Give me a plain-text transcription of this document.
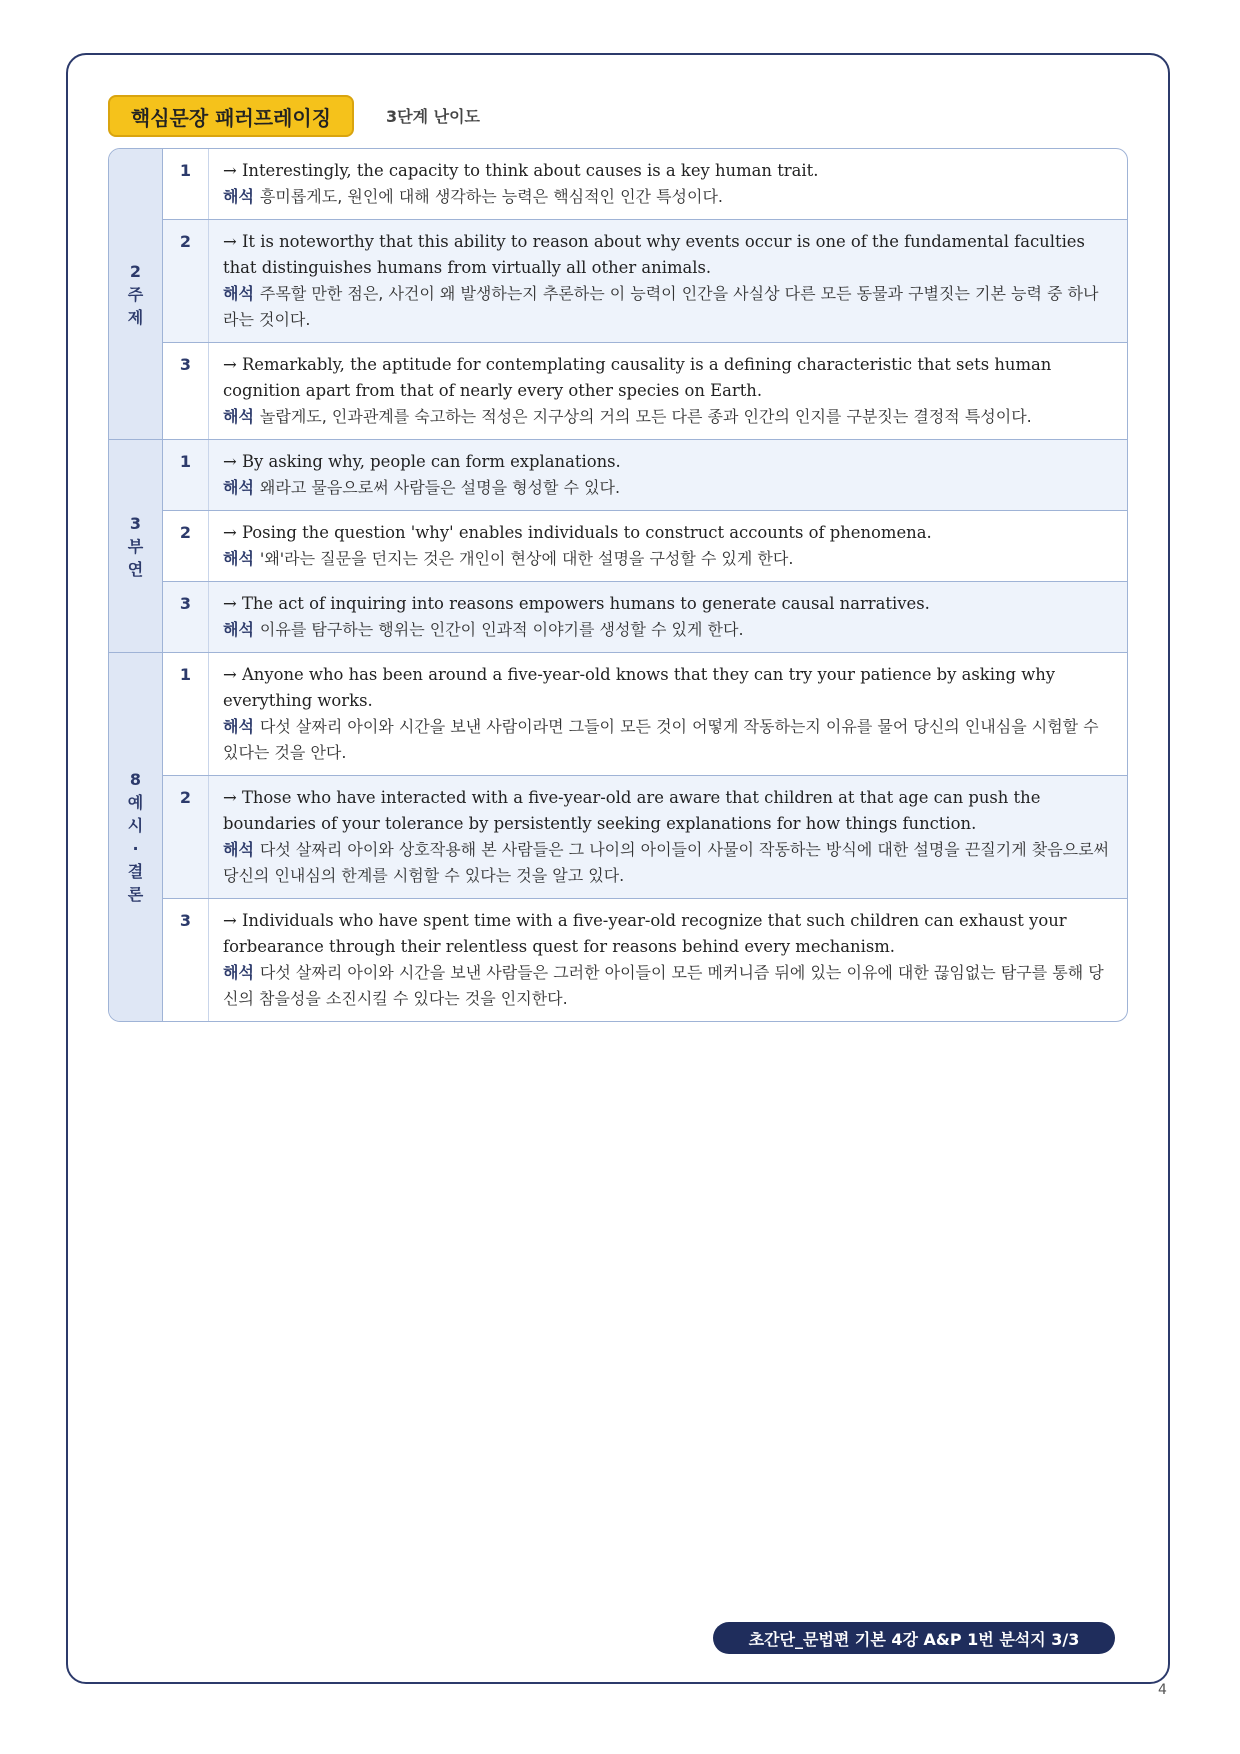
핵심문장 패러프레이징	3단계 난이도
2
주
제
1	→ Interestingly, the capacity to think about causes is a key human trait.
해석 흥미롭게도, 원인에 대해 생각하는 능력은 핵심적인 인간 특성이다.
2	→ It is noteworthy that this ability to reason about why events occur is one of the fundamental faculties that distinguishes humans from virtually all other animals.
해석 주목할 만한 점은, 사건이 왜 발생하는지 추론하는 이 능력이 인간을 사실상 다른 모든 동물과 구별짓는 기본 능력 중 하나라는 것이다.
3	→ Remarkably, the aptitude for contemplating causality is a defining characteristic that sets human cognition apart from that of nearly every other species on Earth.
해석 놀랍게도, 인과관계를 숙고하는 적성은 지구상의 거의 모든 다른 종과 인간의 인지를 구분짓는 결정적 특성이다.
3
부
연
1	→ By asking why, people can form explanations.
해석 왜라고 물음으로써 사람들은 설명을 형성할 수 있다.
2	→ Posing the question 'why' enables individuals to construct accounts of phenomena.
해석 '왜'라는 질문을 던지는 것은 개인이 현상에 대한 설명을 구성할 수 있게 한다.
3	→ The act of inquiring into reasons empowers humans to generate causal narratives.
해석 이유를 탐구하는 행위는 인간이 인과적 이야기를 생성할 수 있게 한다.
8
예
시·
결
론
1	→ Anyone who has been around a five-year-old knows that they can try your patience by asking why everything works.
해석 다섯 살짜리 아이와 시간을 보낸 사람이라면 그들이 모든 것이 어떻게 작동하는지 이유를 물어 당신의 인내심을 시험할 수 있다는 것을 안다.
2	→ Those who have interacted with a five-year-old are aware that children at that age can push the boundaries of your tolerance by persistently seeking explanations for how things function.
해석 다섯 살짜리 아이와 상호작용해 본 사람들은 그 나이의 아이들이 사물이 작동하는 방식에 대한 설명을 끈질기게 찾음으로써 당신의 인내심의 한계를 시험할 수 있다는 것을 알고 있다.
3	→ Individuals who have spent time with a five-year-old recognize that such children can exhaust your forbearance through their relentless quest for reasons behind every mechanism.
해석 다섯 살짜리 아이와 시간을 보낸 사람들은 그러한 아이들이 모든 메커니즘 뒤에 있는 이유에 대한 끊임없는 탐구를 통해 당신의 참을성을 소진시킬 수 있다는 것을 인지한다.
초간단_문법편 기본 4강 A&P 1번 분석지 3/3
4
